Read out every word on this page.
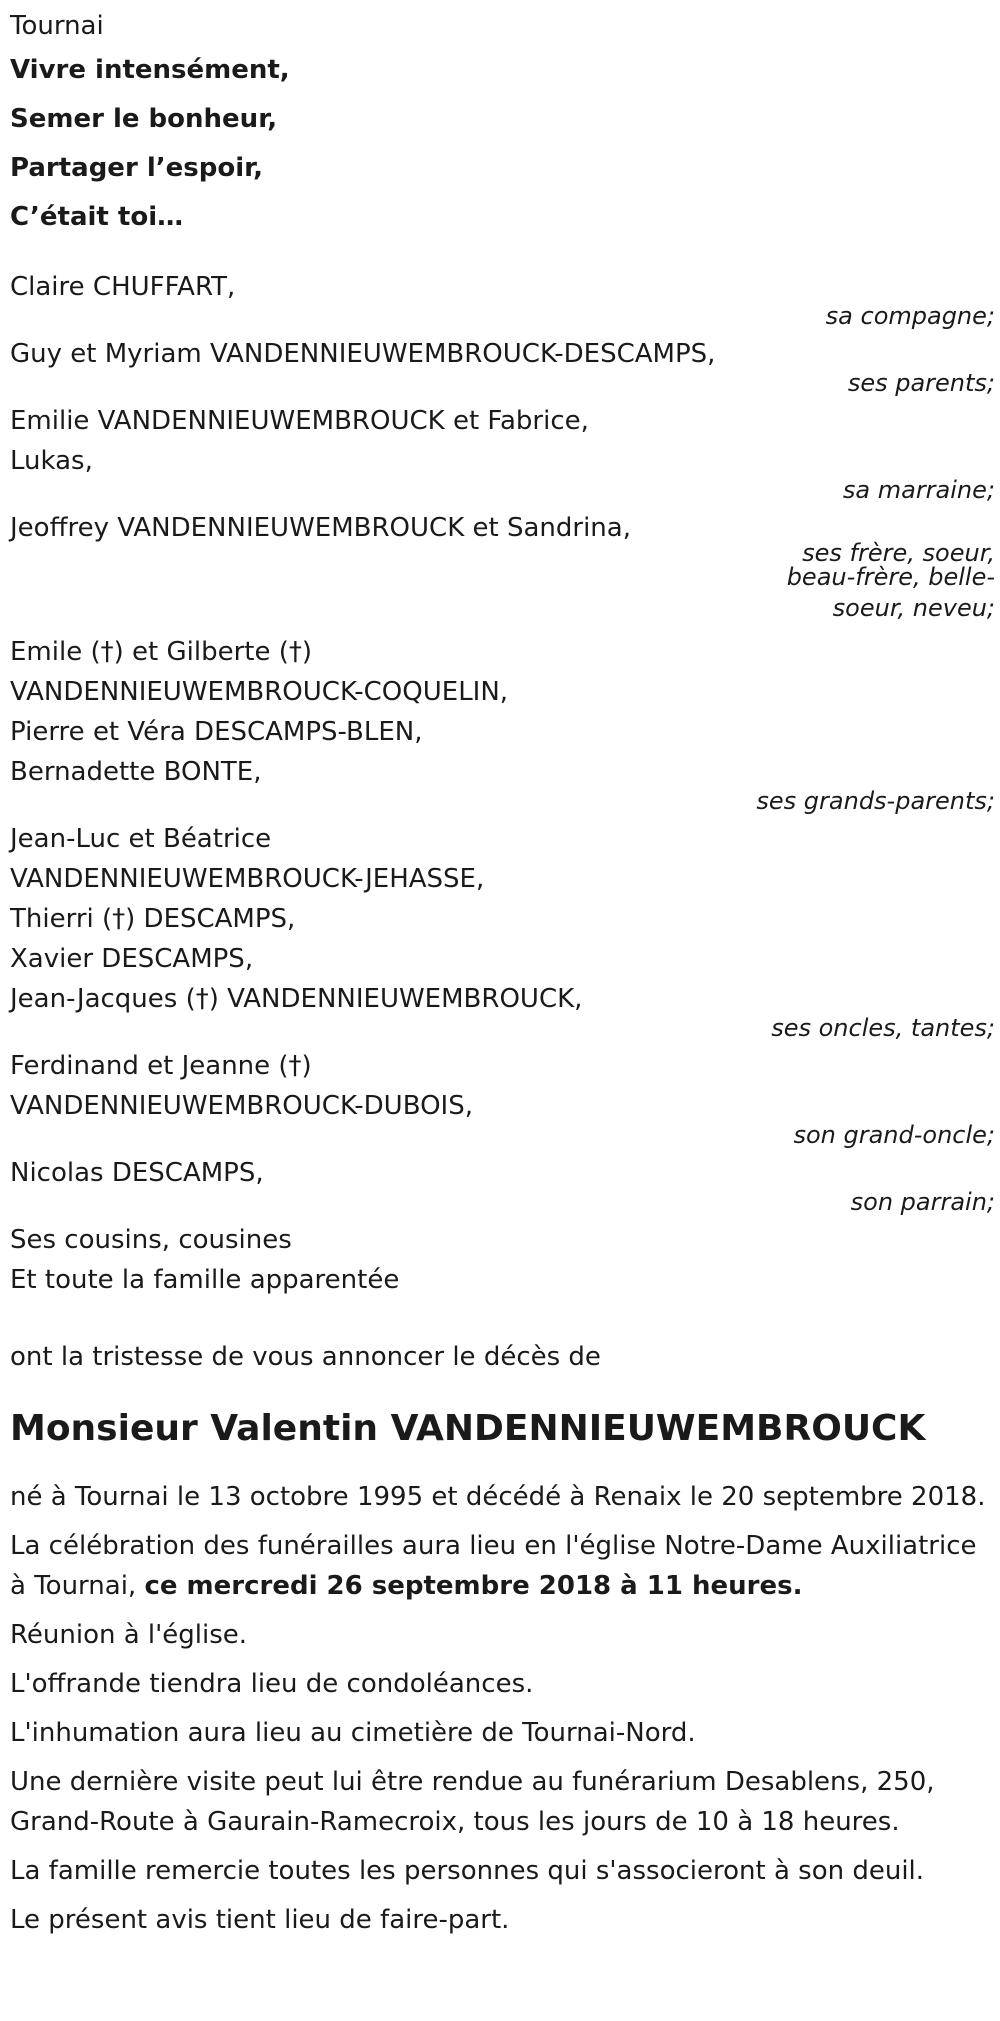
Tournai
Vivre intensément,
Semer le bonheur,
Partager l’espoir,
C’était toi…
Claire CHUFFART,
sa compagne;
Guy et Myriam VANDENNIEUWEMBROUCK-DESCAMPS,
ses parents;
Emilie VANDENNIEUWEMBROUCK et Fabrice,
Lukas,
sa marraine;
Jeoffrey VANDENNIEUWEMBROUCK et Sandrina,
ses frère, soeur,
beau-frère, belle-
soeur, neveu;
Emile (†) et Gilberte (†)
VANDENNIEUWEMBROUCK-COQUELIN,
Pierre et Véra DESCAMPS-BLEN,
Bernadette BONTE,
ses grands-parents;
Jean-Luc et Béatrice
VANDENNIEUWEMBROUCK-JEHASSE,
Thierri (†) DESCAMPS,
Xavier DESCAMPS,
Jean-Jacques (†) VANDENNIEUWEMBROUCK,
ses oncles, tantes;
Ferdinand et Jeanne (†)
VANDENNIEUWEMBROUCK-DUBOIS,
son grand-oncle;
Nicolas DESCAMPS,
son parrain;
Ses cousins, cousines
Et toute la famille apparentée
ont la tristesse de vous annoncer le décès de
Monsieur Valentin VANDENNIEUWEMBROUCK

né à Tournai le 13 octobre 1995 et décédé à Renaix le 20 septembre 2018.

La célébration des funérailles aura lieu en l'église Notre-Dame Auxiliatrice à Tournai, ce mercredi 26 septembre 2018 à 11 heures.

Réunion à l'église.

L'offrande tiendra lieu de condoléances.

L'inhumation aura lieu au cimetière de Tournai-Nord.

Une dernière visite peut lui être rendue au funérarium Desablens, 250, Grand-Route à Gaurain-Ramecroix, tous les jours de 10 à 18 heures.

La famille remercie toutes les personnes qui s'associeront à son deuil.

Le présent avis tient lieu de faire-part.
